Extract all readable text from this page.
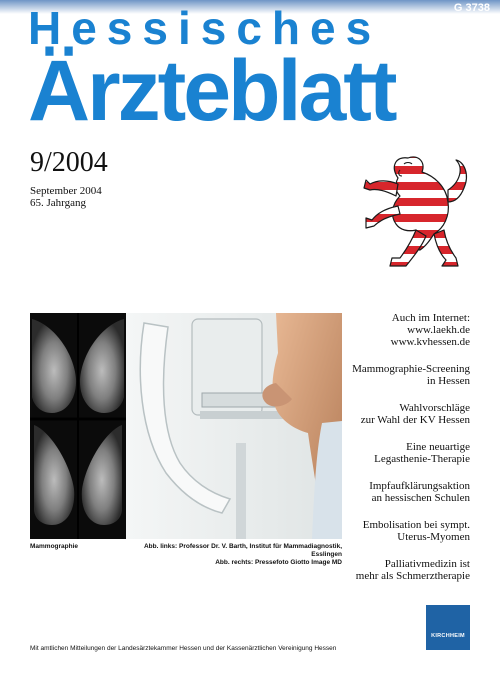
G 3738
Hessisches
Ärzteblatt
9/2004
September 2004
65. Jahrgang
Mammographie	Abb. links: Professor Dr. V. Barth, Institut für Mammadiagnostik, Esslingen
Abb. rechts: Pressefoto Giotto Image MD
Auch im Internet:
www.laekh.de
www.kvhessen.de
Mammographie-Screening
in Hessen
Wahlvorschläge
zur Wahl der KV Hessen
Eine neuartige
Legasthenie-Therapie
Impfaufklärungsaktion
an hessischen Schulen
Embolisation bei sympt.
Uterus-Myomen
Palliativmedizin ist
mehr als Schmerztherapie
Mit amtlichen Mitteilungen der Landesärztekammer Hessen und der Kassenärztlichen Vereinigung Hessen
KIRCHHEIM
